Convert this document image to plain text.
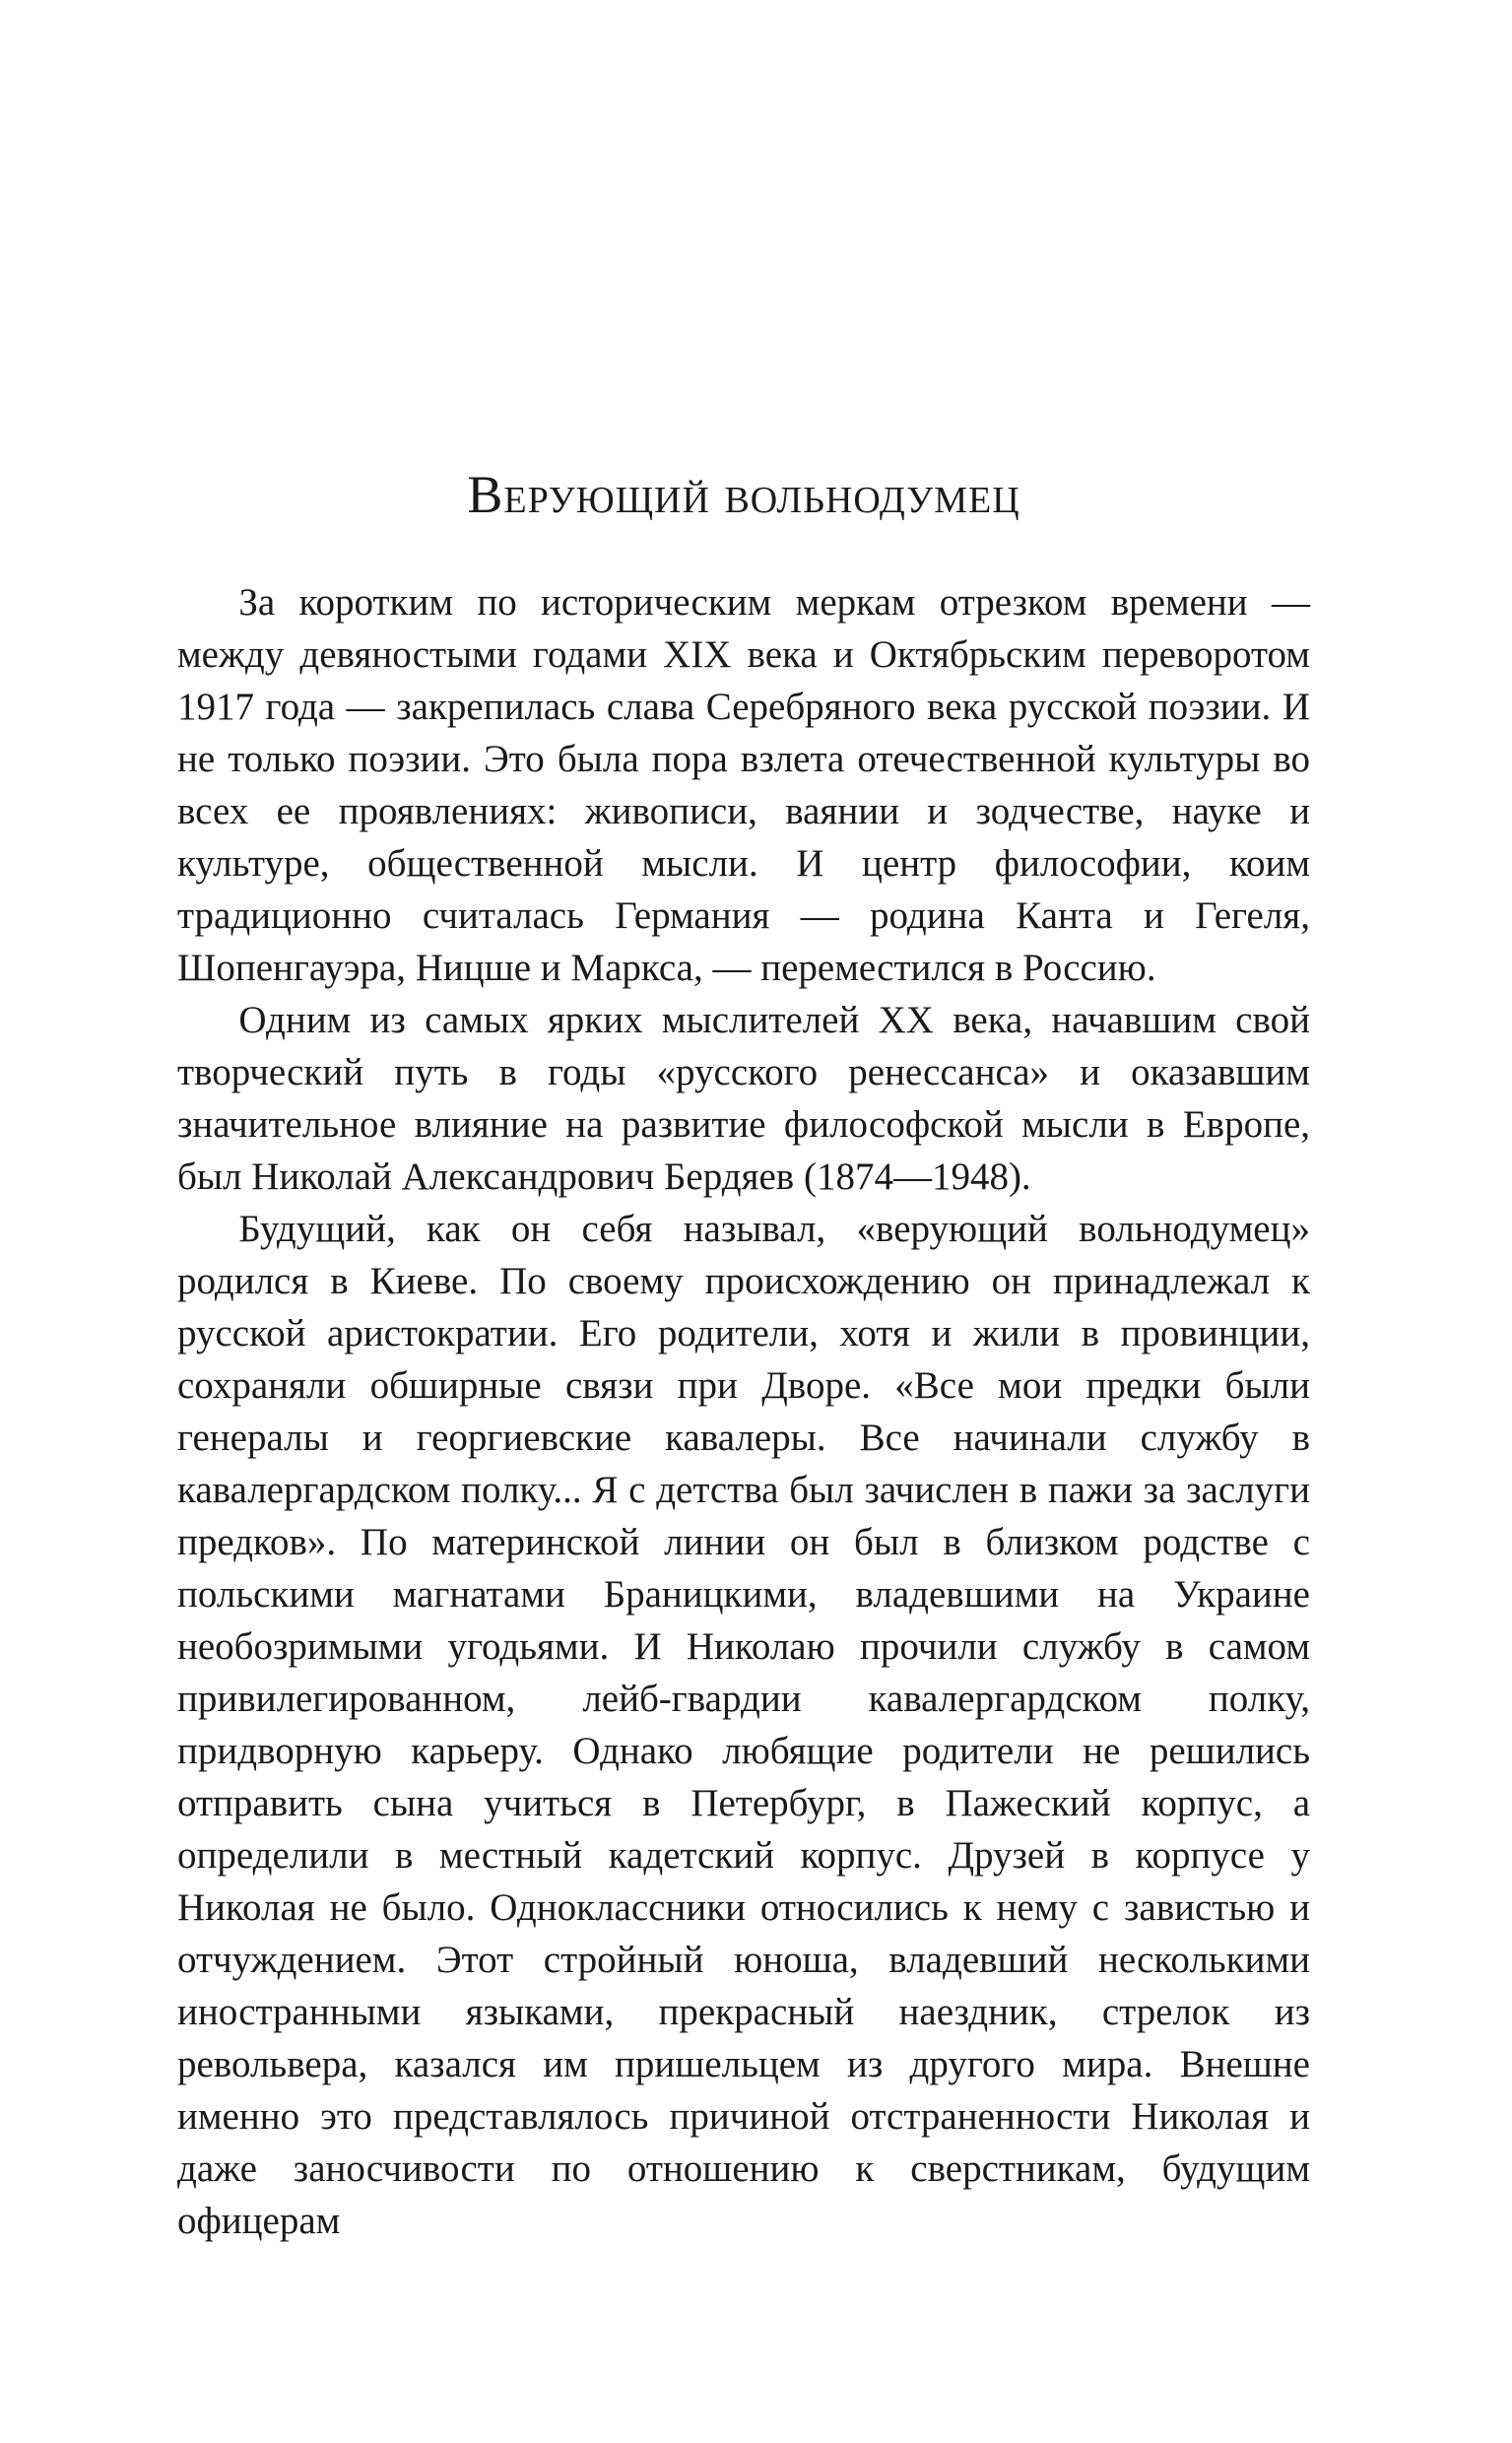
Верующий вольнодумец

За коротким по историческим меркам отрезком времени — между девяностыми годами XIX века и Октябрьским переворотом 1917 года — закрепилась слава Серебряного века русской поэзии. И не только поэзии. Это была пора взлета отечественной культуры во всех ее проявлениях: живописи, ваянии и зодчестве, науке и культуре, общественной мысли. И центр философии, коим традиционно считалась Германия — родина Канта и Гегеля, Шопенгауэра, Ницше и Маркса, — переместился в Россию.

Одним из самых ярких мыслителей XX века, начавшим свой творческий путь в годы «русского ренессанса» и оказавшим значительное влияние на развитие философской мысли в Европе, был Николай Александрович Бердяев (1874—1948).

Будущий, как он себя называл, «верующий вольнодумец» родился в Киеве. По своему происхождению он принадлежал к русской аристократии. Его родители, хотя и жили в провинции, сохраняли обширные связи при Дворе. «Все мои предки были генералы и георгиевские кавалеры. Все начинали службу в кавалергардском полку... Я с детства был зачислен в пажи за заслуги предков». По материнской линии он был в близком родстве с польскими магнатами Браницкими, владевшими на Украине необозримыми угодьями. И Николаю прочили службу в самом привилегированном, лейб-гвардии кавалергардском полку, придворную карьеру. Однако любящие родители не решились отправить сына учиться в Петербург, в Пажеский корпус, а определили в местный кадетский корпус. Друзей в корпусе у Николая не было. Одноклассники относились к нему с завистью и отчуждением. Этот стройный юноша, владевший несколькими иностранными языками, прекрасный наездник, стрелок из револьвера, казался им пришельцем из другого мира. Внешне именно это представлялось причиной отстраненности Николая и даже заносчивости по отношению к сверстникам, будущим офицерам
